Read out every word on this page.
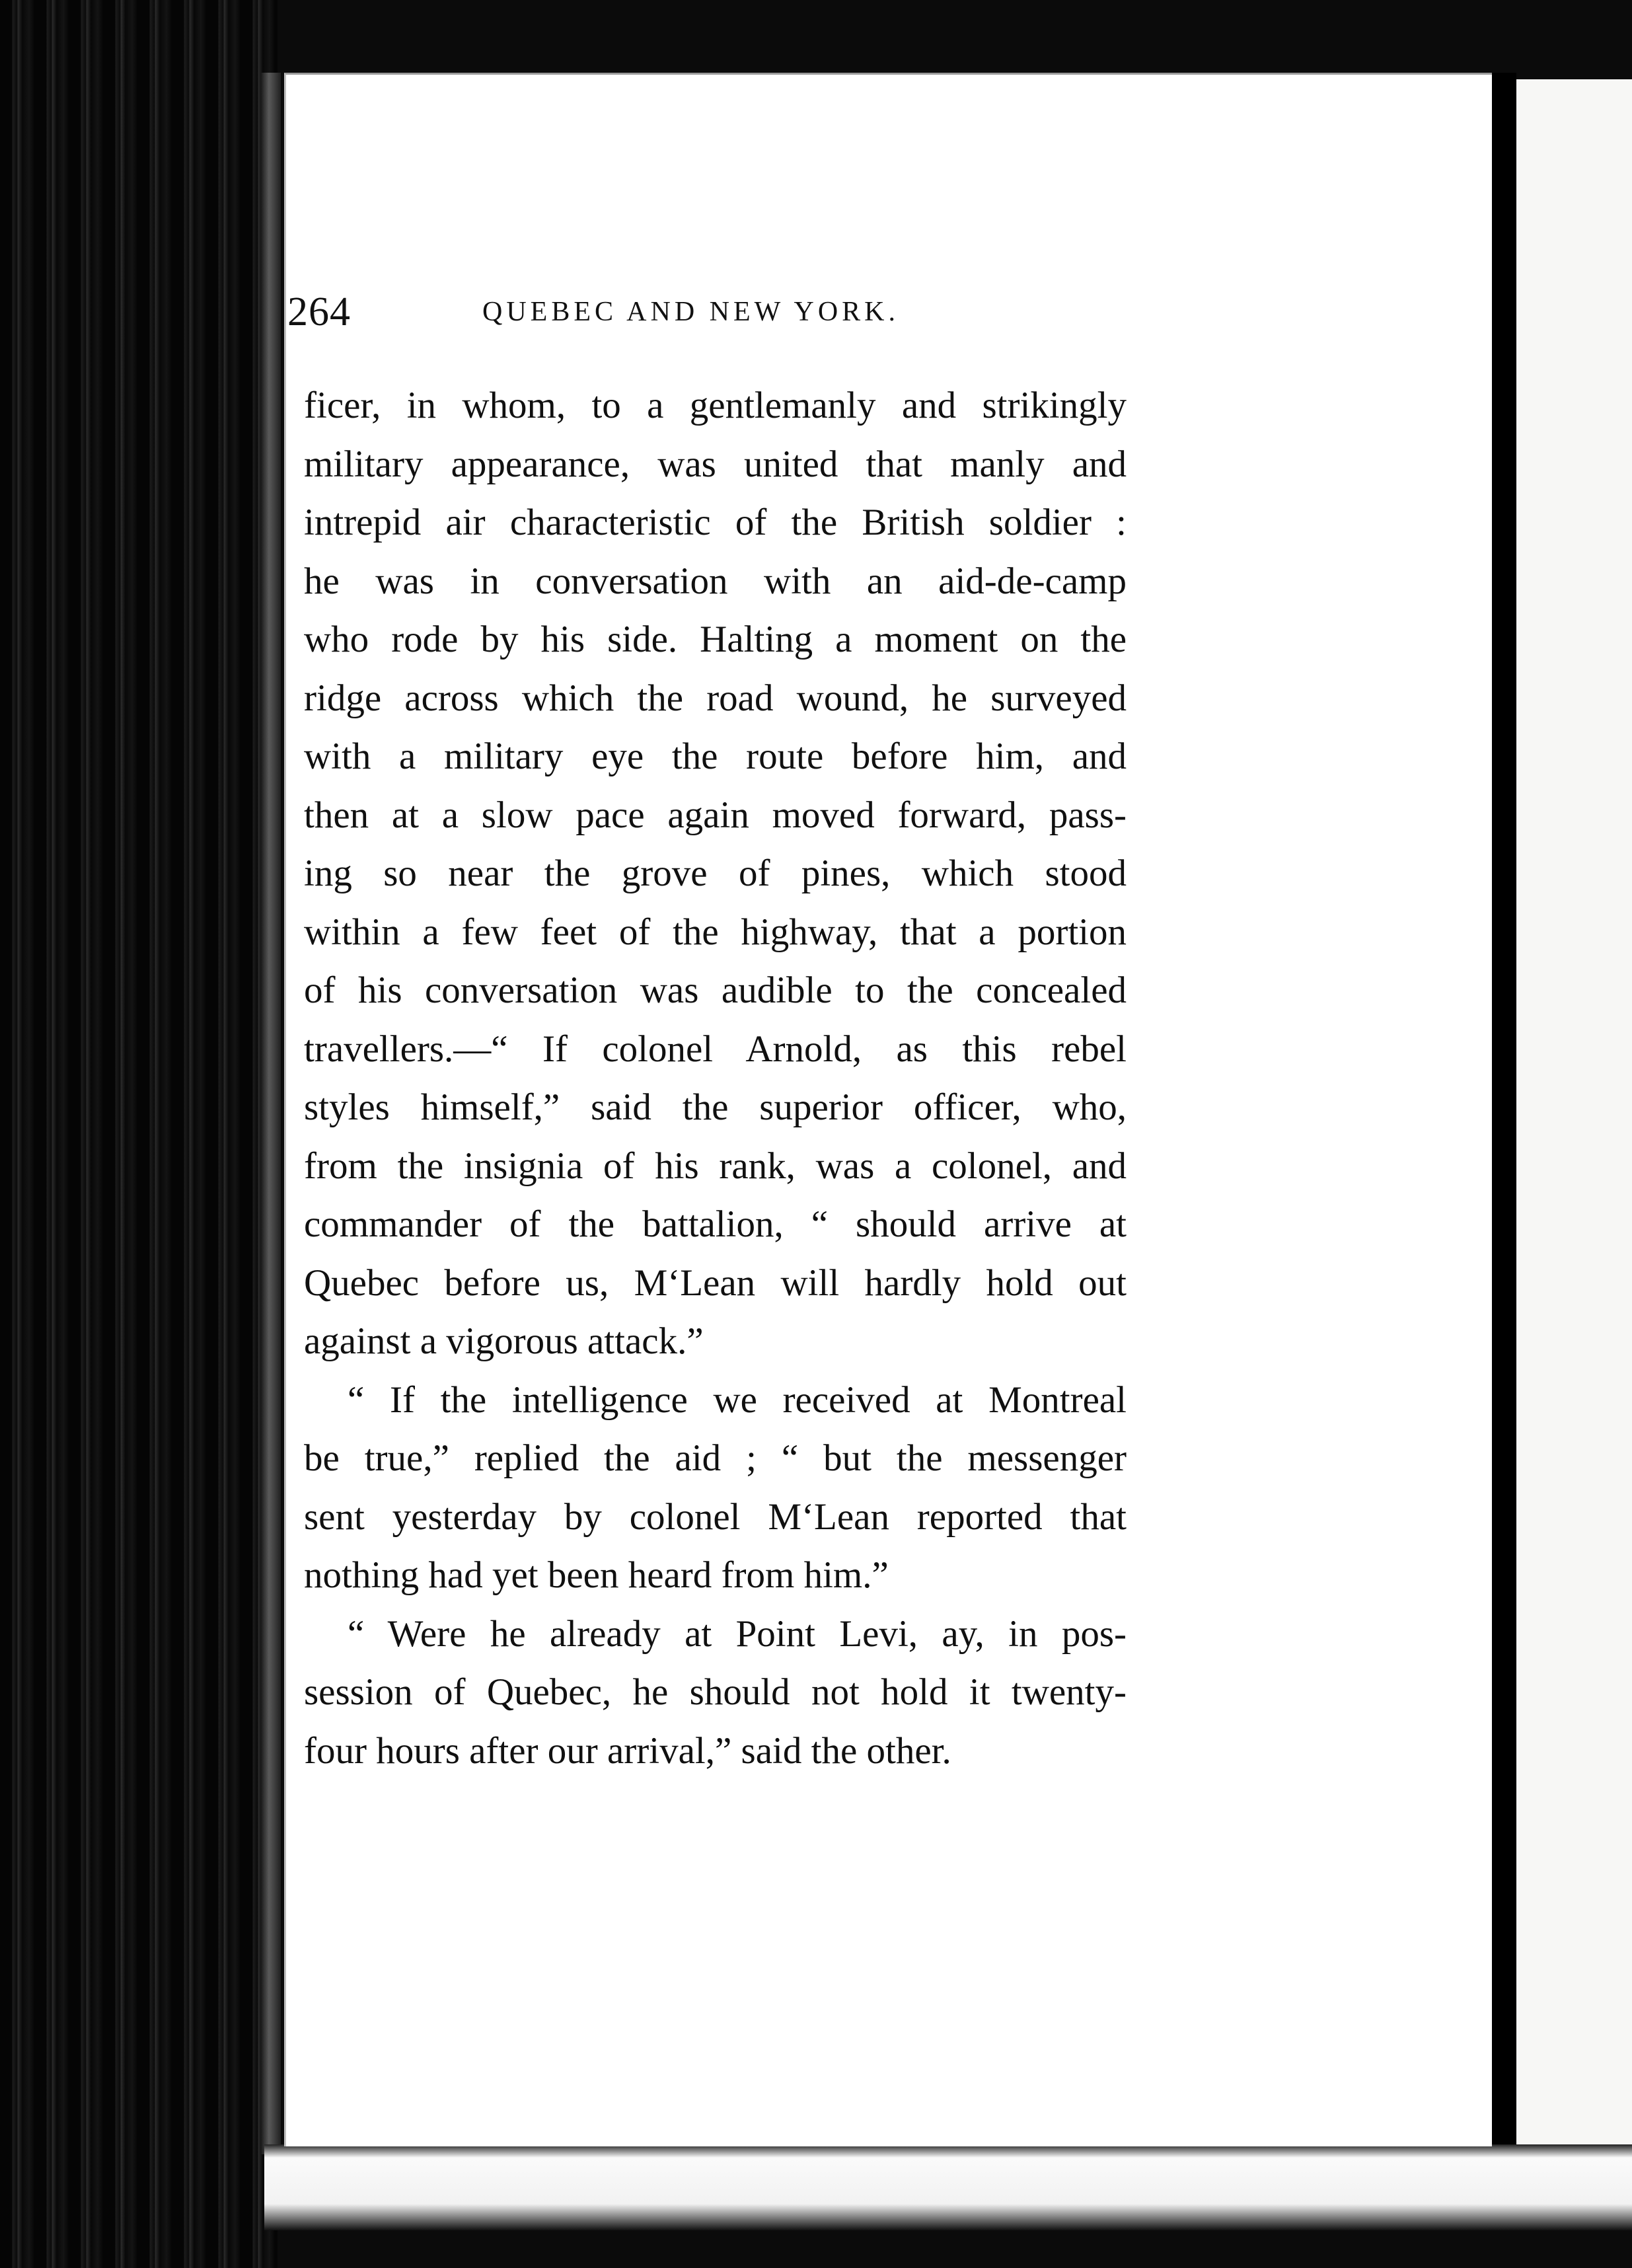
264	QUEBEC AND NEW YORK.
ficer, in whom, to a gentlemanly and strikingly
military appearance, was united that manly and
intrepid air characteristic of the British soldier :
he was in conversation with an aid-de-camp
who rode by his side. Halting a moment on the
ridge across which the road wound, he surveyed
with a military eye the route before him, and
then at a slow pace again moved forward, pass-
ing so near the grove of pines, which stood
within a few feet of the highway, that a portion
of his conversation was audible to the concealed
travellers.—“ If colonel Arnold, as this rebel
styles himself,” said the superior officer, who,
from the insignia of his rank, was a colonel, and
commander of the battalion, “ should arrive at
Quebec before us, M‘Lean will hardly hold out
against a vigorous attack.”
“ If the intelligence we received at Montreal
be true,” replied the aid ; “ but the messenger
sent yesterday by colonel M‘Lean reported that
nothing had yet been heard from him.”
“ Were he already at Point Levi, ay, in pos-
session of Quebec, he should not hold it twenty-
four hours after our arrival,” said the other.
